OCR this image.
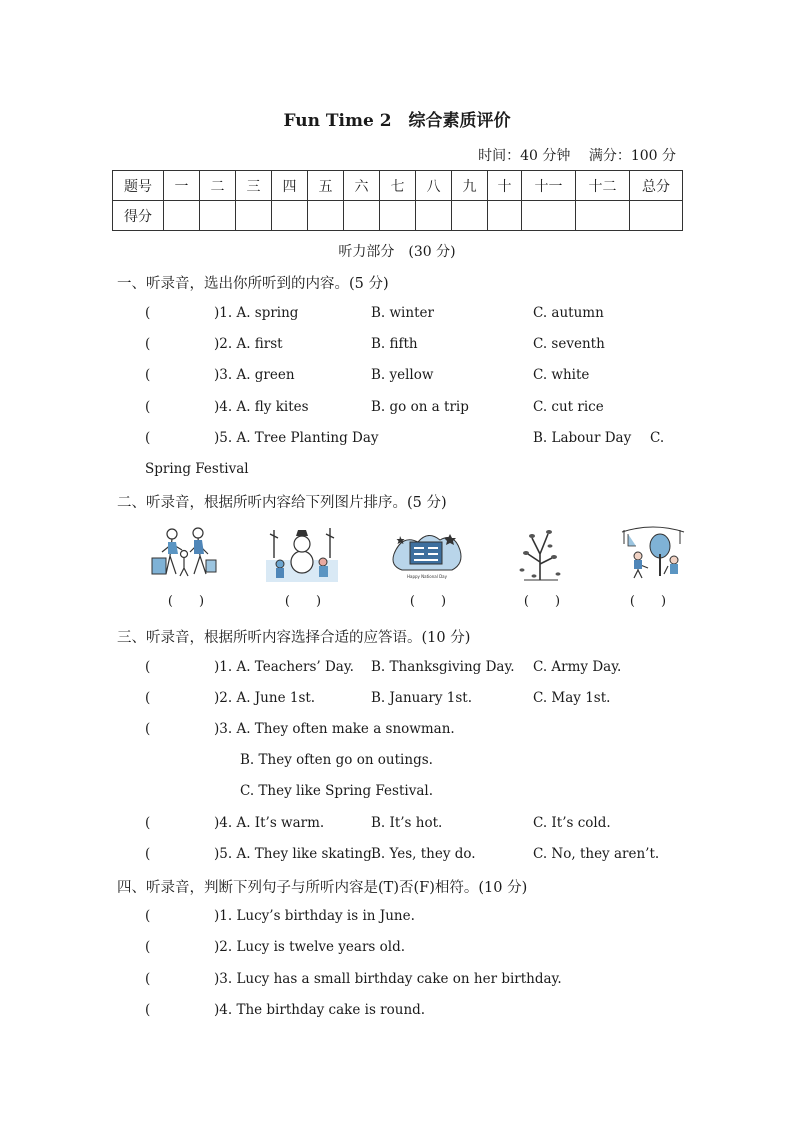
Fun Time 2　综合素质评价
时间：40 分钟　 满分：100 分
题号	一	二	三	四	五	六	七	八	九	十	十一	十二	总分
得分													
听力部分　(30 分)
一、听录音，选出你所听到的内容。(5 分)
(	)1. A. spring	B. winter	C. autumn
(	)2. A. first	B. fifth	C. seventh
(	)3. A. green	B. yellow	C. white
(	)4. A. fly kites	B. go on a trip	C. cut rice
(	)5. A. Tree Planting Day	B. Labour Day C.
Spring Festival
二、听录音，根据所听内容给下列图片排序。(5 分)
Happy National Day
(　　)	(　　)	(　　)	(　　)	(　　)
三、听录音，根据所听内容选择合适的应答语。(10 分)
(	)1. A. Teachers’ Day. B. Thanksgiving Day. C. Army Day.
(	)2. A. June 1st.	B. January 1st.	C. May 1st.
(	)3. A. They often make a snowman.
B. They often go on outings.
C. They like Spring Festival.
(	)4. A. It’s warm.	B. It’s hot.	C. It’s cold.
(	)5. A. They like skating.
B. Yes, they do.	C. No, they aren’t.
四、听录音，判断下列句子与所听内容是(T)否(F)相符。(10 分)
(	)1. Lucy’s birthday is in June.
(	)2. Lucy is twelve years old.
(	)3. Lucy has a small birthday cake on her birthday.
(	)4. The birthday cake is round.
